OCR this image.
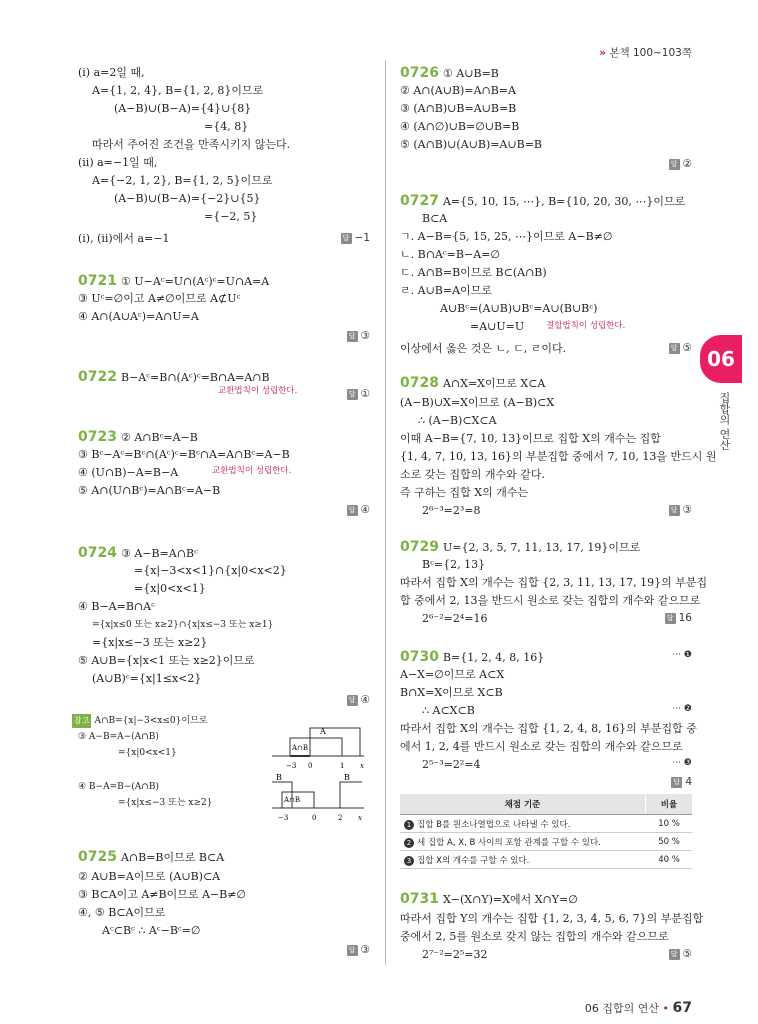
» 본책 100~103쪽
(ⅰ) a=2일 때,
A={1, 2, 4}, B={1, 2, 8}이므로
(A−B)∪(B−A)={4}∪{8}
={4, 8}
따라서 주어진 조건을 만족시키지 않는다.
(ⅱ) a=−1일 때,
A={−2, 1, 2}, B={1, 2, 5}이므로
(A−B)∪(B−A)={−2}∪{5}
={−2, 5}
(ⅰ), (ⅱ)에서 a=−1	답 −1
0721 ① U−Aᶜ=U∩(Aᶜ)ᶜ=U∩A=A
③ Uᶜ=∅이고 A≠∅이므로 A⊄Uᶜ
④ A∩(A∪Aᶜ)=A∩U=A
답 ③
0722 B−Aᶜ=B∩(Aᶜ)ᶜ=B∩A=A∩B
교환법칙이 성립한다.	답 ①
0723 ② A∩Bᶜ=A−B
③ Bᶜ−Aᶜ=Bᶜ∩(Aᶜ)ᶜ=Bᶜ∩A=A∩Bᶜ=A−B
교환법칙이 성립한다.
④ (U∩B)−A=B−A
⑤ A∩(U∩Bᶜ)=A∩Bᶜ=A−B
답 ④
0724 ③ A−B=A∩Bᶜ
={x|−3<x<1}∩{x|0<x<2}
={x|0<x<1}
④ B−A=B∩Aᶜ
={x|x≤0 또는 x≥2}∩{x|x≤−3 또는 x≥1}
={x|x≤−3 또는 x≥2}
⑤ A∪B={x|x<1 또는 x≥2}이므로
(A∪B)ᶜ={x|1≤x<2}
답 ④
참고 A∩B={x|−3<x≤0}이므로
③ A−B=A−(A∩B)
={x|0<x<1}
④ B−A=B−(A∩B)
={x|x≤−3 또는 x≥2}
A
A∩B
−3 0	1 x
B
A∩B
B
−3	0	2 x
0725 A∩B=B이므로 B⊂A
② A∪B=A이므로 (A∪B)⊂A
③ B⊂A이고 A≠B이므로 A−B≠∅
④, ⑤ B⊂A이므로
Aᶜ⊂Bᶜ ∴ Aᶜ−Bᶜ=∅
답 ③
0726 ① A∪B=B
② A∩(A∪B)=A∩B=A
③ (A∩B)∪B=A∪B=B
④ (A∩∅)∪B=∅∪B=B
⑤ (A∩B)∪(A∪B)=A∪B=B
답 ②
0727 A={5, 10, 15, ⋯}, B={10, 20, 30, ⋯}이므로
B⊂A
ㄱ. A−B={5, 15, 25, ⋯}이므로 A−B≠∅
ㄴ. B∩Aᶜ=B−A=∅
ㄷ. A∩B=B이므로 B⊂(A∩B)
ㄹ. A∪B=A이므로
A∪Bᶜ=(A∪B)∪Bᶜ=A∪(B∪Bᶜ)
=A∪U=U	결합법칙이 성립한다.
이상에서 옳은 것은 ㄴ, ㄷ, ㄹ이다.	답 ⑤
0728 A∩X=X이므로 X⊂A
(A−B)∪X=X이므로 (A−B)⊂X
∴ (A−B)⊂X⊂A
이때 A−B={7, 10, 13}이므로 집합 X의 개수는 집합
{1, 4, 7, 10, 13, 16}의 부분집합 중에서 7, 10, 13을 반드시 원
소로 갖는 집합의 개수와 같다.
즉 구하는 집합 X의 개수는
2⁶⁻³=2³=8	답 ③
0729 U={2, 3, 5, 7, 11, 13, 17, 19}이므로
Bᶜ={2, 13}
따라서 집합 X의 개수는 집합 {2, 3, 11, 13, 17, 19}의 부분집
합 중에서 2, 13을 반드시 원소로 갖는 집합의 개수와 같으므로
2⁶⁻²=2⁴=16	답 16
0730 B={1, 2, 4, 8, 16}	⋯ ❶
A−X=∅이므로 A⊂X
B∩X=X이므로 X⊂B
∴ A⊂X⊂B	⋯ ❷
따라서 집합 X의 개수는 집합 {1, 2, 4, 8, 16}의 부분집합 중
에서 1, 2, 4를 반드시 원소로 갖는 집합의 개수와 같으므로
2⁵⁻³=2²=4	⋯ ❸
답 4
채점 기준	비율
1 집합 B를 원소나열법으로 나타낼 수 있다.	10 %
2 세 집합 A, X, B 사이의 포함 관계를 구할 수 있다.	50 %
3 집합 X의 개수를 구할 수 있다.	40 %
0731 X−(X∩Y)=X에서 X∩Y=∅
따라서 집합 Y의 개수는 집합 {1, 2, 3, 4, 5, 6, 7}의 부분집합
중에서 2, 5를 원소로 갖지 않는 집합의 개수와 같으므로
2⁷⁻²=2⁵=32	답 ⑤
06
집합의 연산
06 집합의 연산 • 67
